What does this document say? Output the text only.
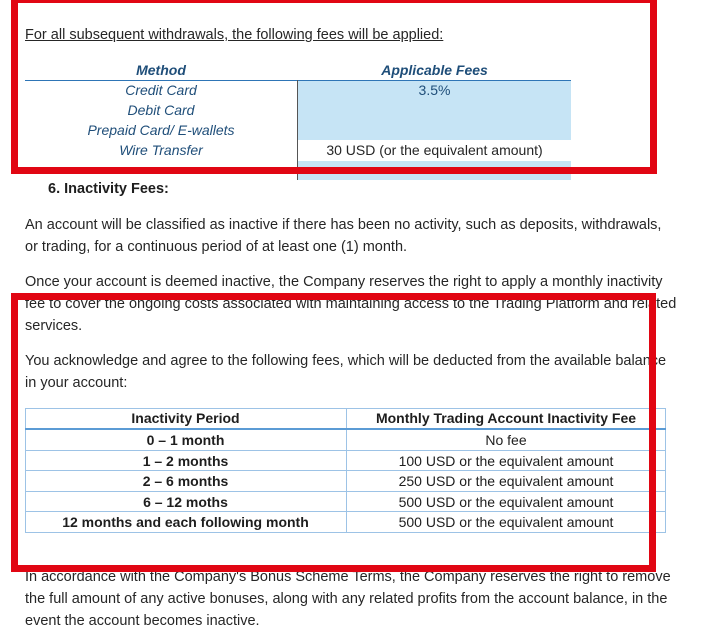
For all subsequent withdrawals, the following fees will be applied:
Method	Applicable Fees
Credit Card	3.5%
Debit Card
Prepaid Card/ E-wallets
Wire Transfer	30 USD (or the equivalent amount)
6. Inactivity Fees:
An account will be classified as inactive if there has been no activity, such as deposits, withdrawals,
or trading, for a continuous period of at least one (1) month.
Once your account is deemed inactive, the Company reserves the right to apply a monthly inactivity
fee to cover the ongoing costs associated with maintaining access to the Trading Platform and related
services.
You acknowledge and agree to the following fees, which will be deducted from the available balance
in your account:
Inactivity Period	Monthly Trading Account Inactivity Fee
0 – 1 month	No fee
1 – 2 months	100 USD or the equivalent amount
2 – 6 months	250 USD or the equivalent amount
6 – 12 moths	500 USD or the equivalent amount
12 months and each following month	500 USD or the equivalent amount
In accordance with the Company's Bonus Scheme Terms, the Company reserves the right to remove
the full amount of any active bonuses, along with any related profits from the account balance, in the
event the account becomes inactive.
